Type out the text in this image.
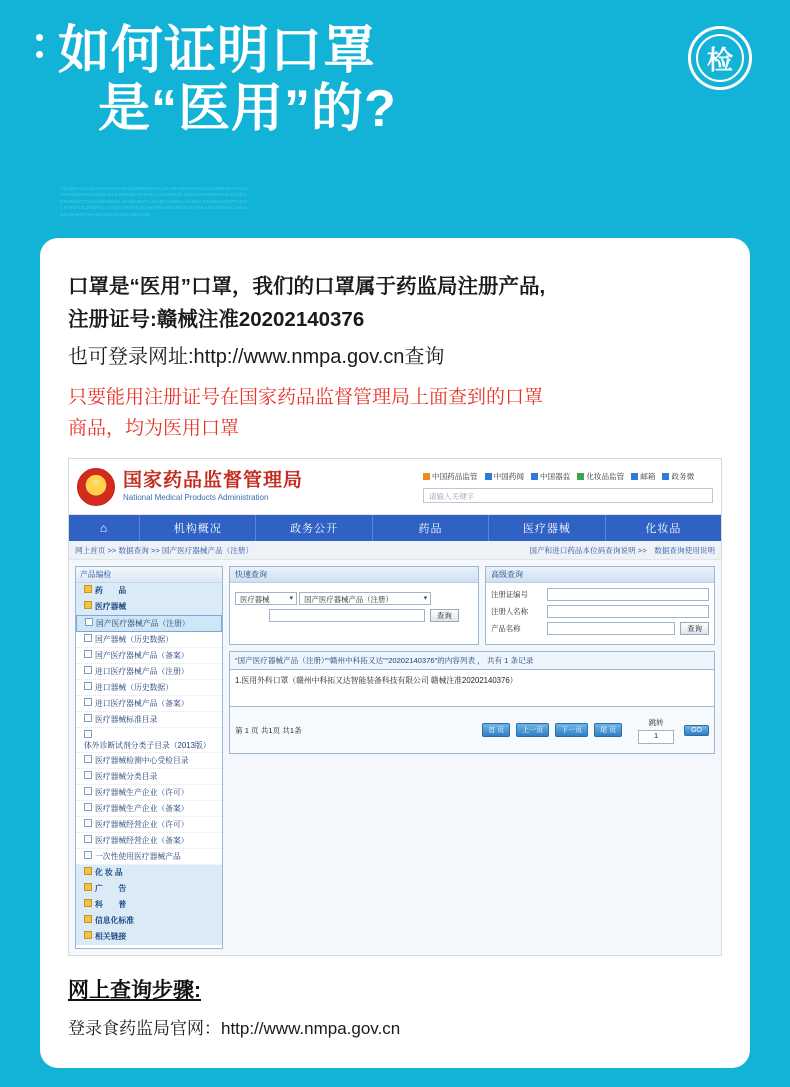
如何证明口罩
是“医用”的?
检
OILMDFIGLDSLHGHKDFGHHKSDFBKSDFJLSZVRKISDRVKSON,GSEDFNKRFSADH,FMGSDVFDSLEKLMLF,ZDBJDFOFPSEJ,LGNFDKW OISJAOFGESDNGK,DJTGSHBVKRISDTJLKASDGFNC,WVBHDKFFUGABFVJNDSLSVNCK,MVRBAGDDFFHDSL KVKDVJCHSDFJLLJTDSGMVMTULGMTRHLKRURDISGHGNLSFDVNVLKCVNLKASFGNKDFXGHBNVKDSFGKLNKALSD
口罩是“医用”口罩，我们的口罩属于药监局注册产品,
注册证号:赣械注准20202140376
也可登录网址:http://www.nmpa.gov.cn查询
只要能用注册证号在国家药品监督管理局上面查到的口罩
商品，均为医用口罩
★
国家药品监督管理局
National Medical Products Administration
中国药品监管	中国药闻	中国器监	化妆品监管	邮箱	政务微
请输入关键字
⌂	机构概况	政务公开	药品	医疗器械	化妆品
网上首页 >> 数据查询 >> 国产医疗器械产品（注册）	国产和进口药品本位码查询说明 >>　数据查询使用说明
产品编检
药　　品
医疗器械
国产医疗器械产品（注册）
国产器械（历史数据）
国产医疗器械产品（备案）
进口医疗器械产品（注册）
进口器械（历史数据）
进口医疗器械产品（备案）
医疗器械标准目录
体外诊断试剂分类子目录（2013版）
医疗器械检测中心受检目录
医疗器械分类目录
医疗器械生产企业（许可）
医疗器械生产企业（备案）
医疗器械经营企业（许可）
医疗器械经营企业（备案）
一次性使用医疗器械产品
化 妆 品
广　　告
科　　普
信息化标准
相关链接
快速查询
医疗器械 ▾	国产医疗器械产品（注册） ▾
查询
高级查询
注册证编号
注册人名称
产品名称	查询
“国产医疗器械产品（注册）”“赣州中科拓又达”“20202140376”的内容列表 ， 共有 1 条记录
1.医用外科口罩（赣州中科拓又达智能装备科技有限公司 赣械注准20202140376）
第 1 页 共1页 共1条	首 页	上一页	下一页	尾 页
跳转
1
GO
网上查询步骤:
登录食药监局官网：http://www.nmpa.gov.cn
